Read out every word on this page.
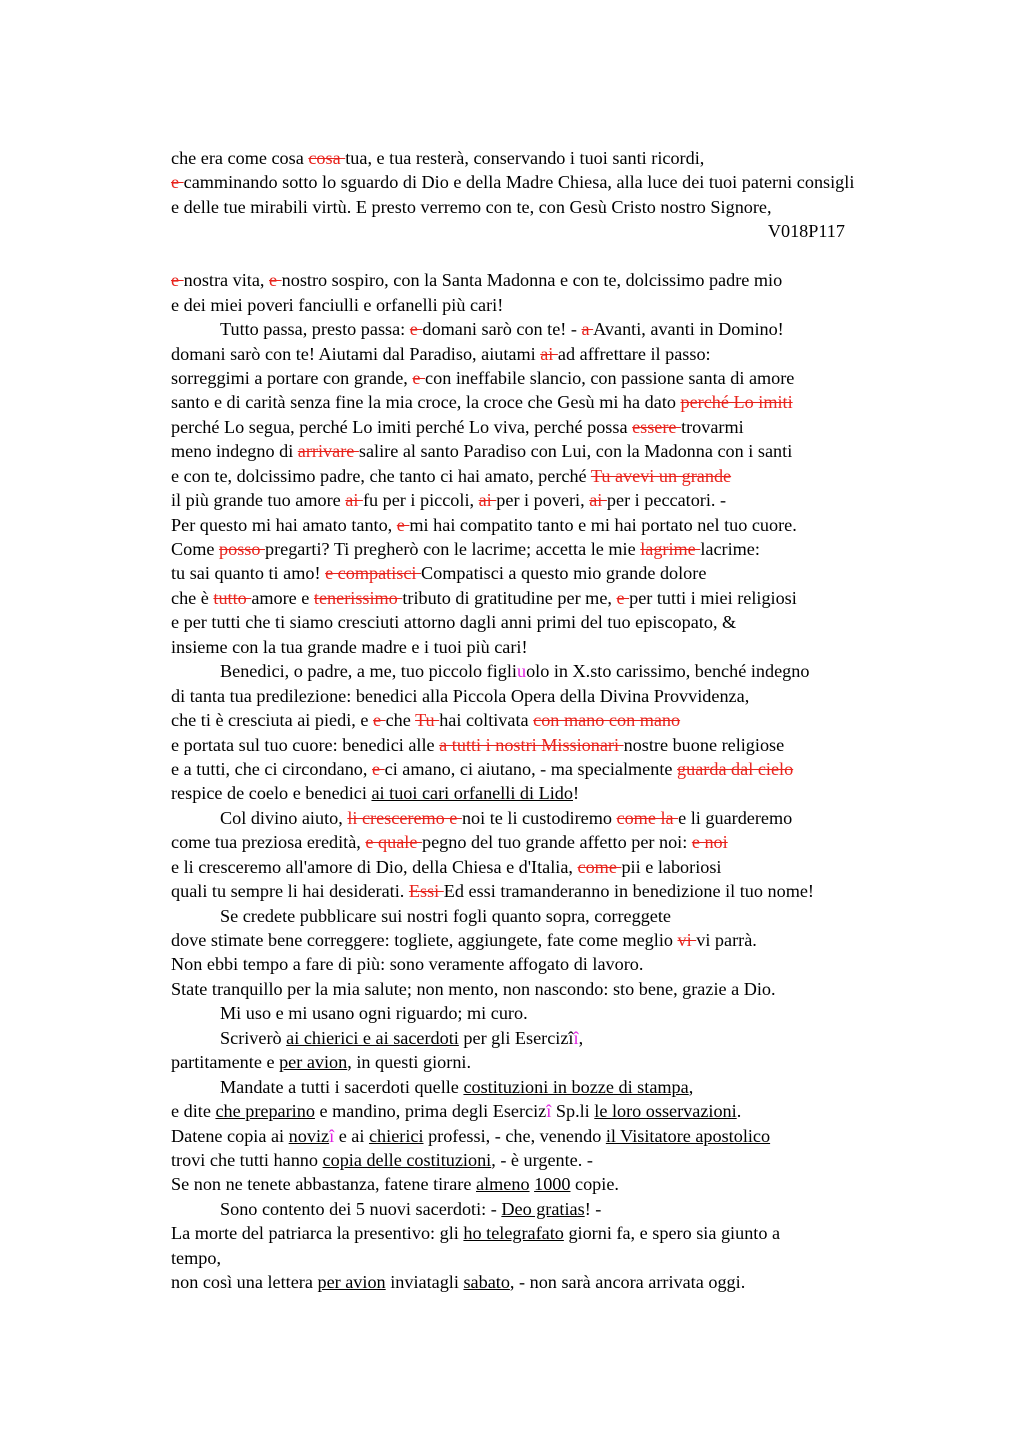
che era come cosa cosa tua, e tua resterà, conservando i tuoi santi ricordi,
e camminando sotto lo sguardo di Dio e della Madre Chiesa, alla luce dei tuoi paterni consigli
e delle tue mirabili virtù. E presto verremo con te, con Gesù Cristo nostro Signore,
V018P117
e nostra vita, e nostro sospiro, con la Santa Madonna e con te, dolcissimo padre mio
e dei miei poveri fanciulli e orfanelli più cari!
Tutto passa, presto passa: e domani sarò con te! - a Avanti, avanti in Domino!
domani sarò con te! Aiutami dal Paradiso, aiutami ai ad affrettare il passo:
sorreggimi a portare con grande, e con ineffabile slancio, con passione santa di amore
santo e di carità senza fine la mia croce, la croce che Gesù mi ha dato perché Lo imiti
perché Lo segua, perché Lo imiti perché Lo viva, perché possa essere trovarmi
meno indegno di arrivare salire al santo Paradiso con Lui, con la Madonna con i santi
e con te, dolcissimo padre, che tanto ci hai amato, perché Tu avevi un grande
il più grande tuo amore ai fu per i piccoli, ai per i poveri, ai per i peccatori. -
Per questo mi hai amato tanto, e mi hai compatito tanto e mi hai portato nel tuo cuore.
Come posso pregarti? Ti pregherò con le lacrime; accetta le mie lagrime lacrime:
tu sai quanto ti amo! e compatisci Compatisci a questo mio grande dolore
che è tutto amore e tenerissimo tributo di gratitudine per me, e per tutti i miei religiosi
e per tutti che ti siamo cresciuti attorno dagli anni primi del tuo episcopato, &
insieme con la tua grande madre e i tuoi più cari!
Benedici, o padre, a me, tuo piccolo figliuolo in X.sto carissimo, benché indegno
di tanta tua predilezione: benedici alla Piccola Opera della Divina Provvidenza,
che ti è cresciuta ai piedi, e e che Tu hai coltivata con mano con mano
e portata sul tuo cuore: benedici alle a tutti i nostri Missionari nostre buone religiose
e a tutti, che ci circondano, e ci amano, ci aiutano, - ma specialmente guarda dal cielo
respice de coelo e benedici ai tuoi cari orfanelli di Lido!
Col divino aiuto, li cresceremo e noi te li custodiremo come la e li guarderemo
come tua preziosa eredità, e quale pegno del tuo grande affetto per noi: e noi
e li cresceremo all'amore di Dio, della Chiesa e d'Italia, come pii e laboriosi
quali tu sempre li hai desiderati. Essi Ed essi tramanderanno in benedizione il tuo nome!
Se credete pubblicare sui nostri fogli quanto sopra, correggete
dove stimate bene correggere: togliete, aggiungete, fate come meglio vi vi parrà.
Non ebbi tempo a fare di più: sono veramente affogato di lavoro.
State tranquillo per la mia salute; non mento, non nascondo: sto bene, grazie a Dio.
Mi uso e mi usano ogni riguardo; mi curo.
Scriverò ai chierici e ai sacerdoti per gli Esercizîî,
partitamente e per avion, in questi giorni.
Mandate a tutti i sacerdoti quelle costituzioni in bozze di stampa,
e dite che preparino e mandino, prima degli Esercizî Sp.li le loro osservazioni.
Datene copia ai novizî e ai chierici professi, - che, venendo il Visitatore apostolico
trovi che tutti hanno copia delle costituzioni, - è urgente. -
Se non ne tenete abbastanza, fatene tirare almeno 1000 copie.
Sono contento dei 5 nuovi sacerdoti: - Deo gratias! -
La morte del patriarca la presentivo: gli ho telegrafato giorni fa, e spero sia giunto a
tempo,
non così una lettera per avion inviatagli sabato, - non sarà ancora arrivata oggi.
